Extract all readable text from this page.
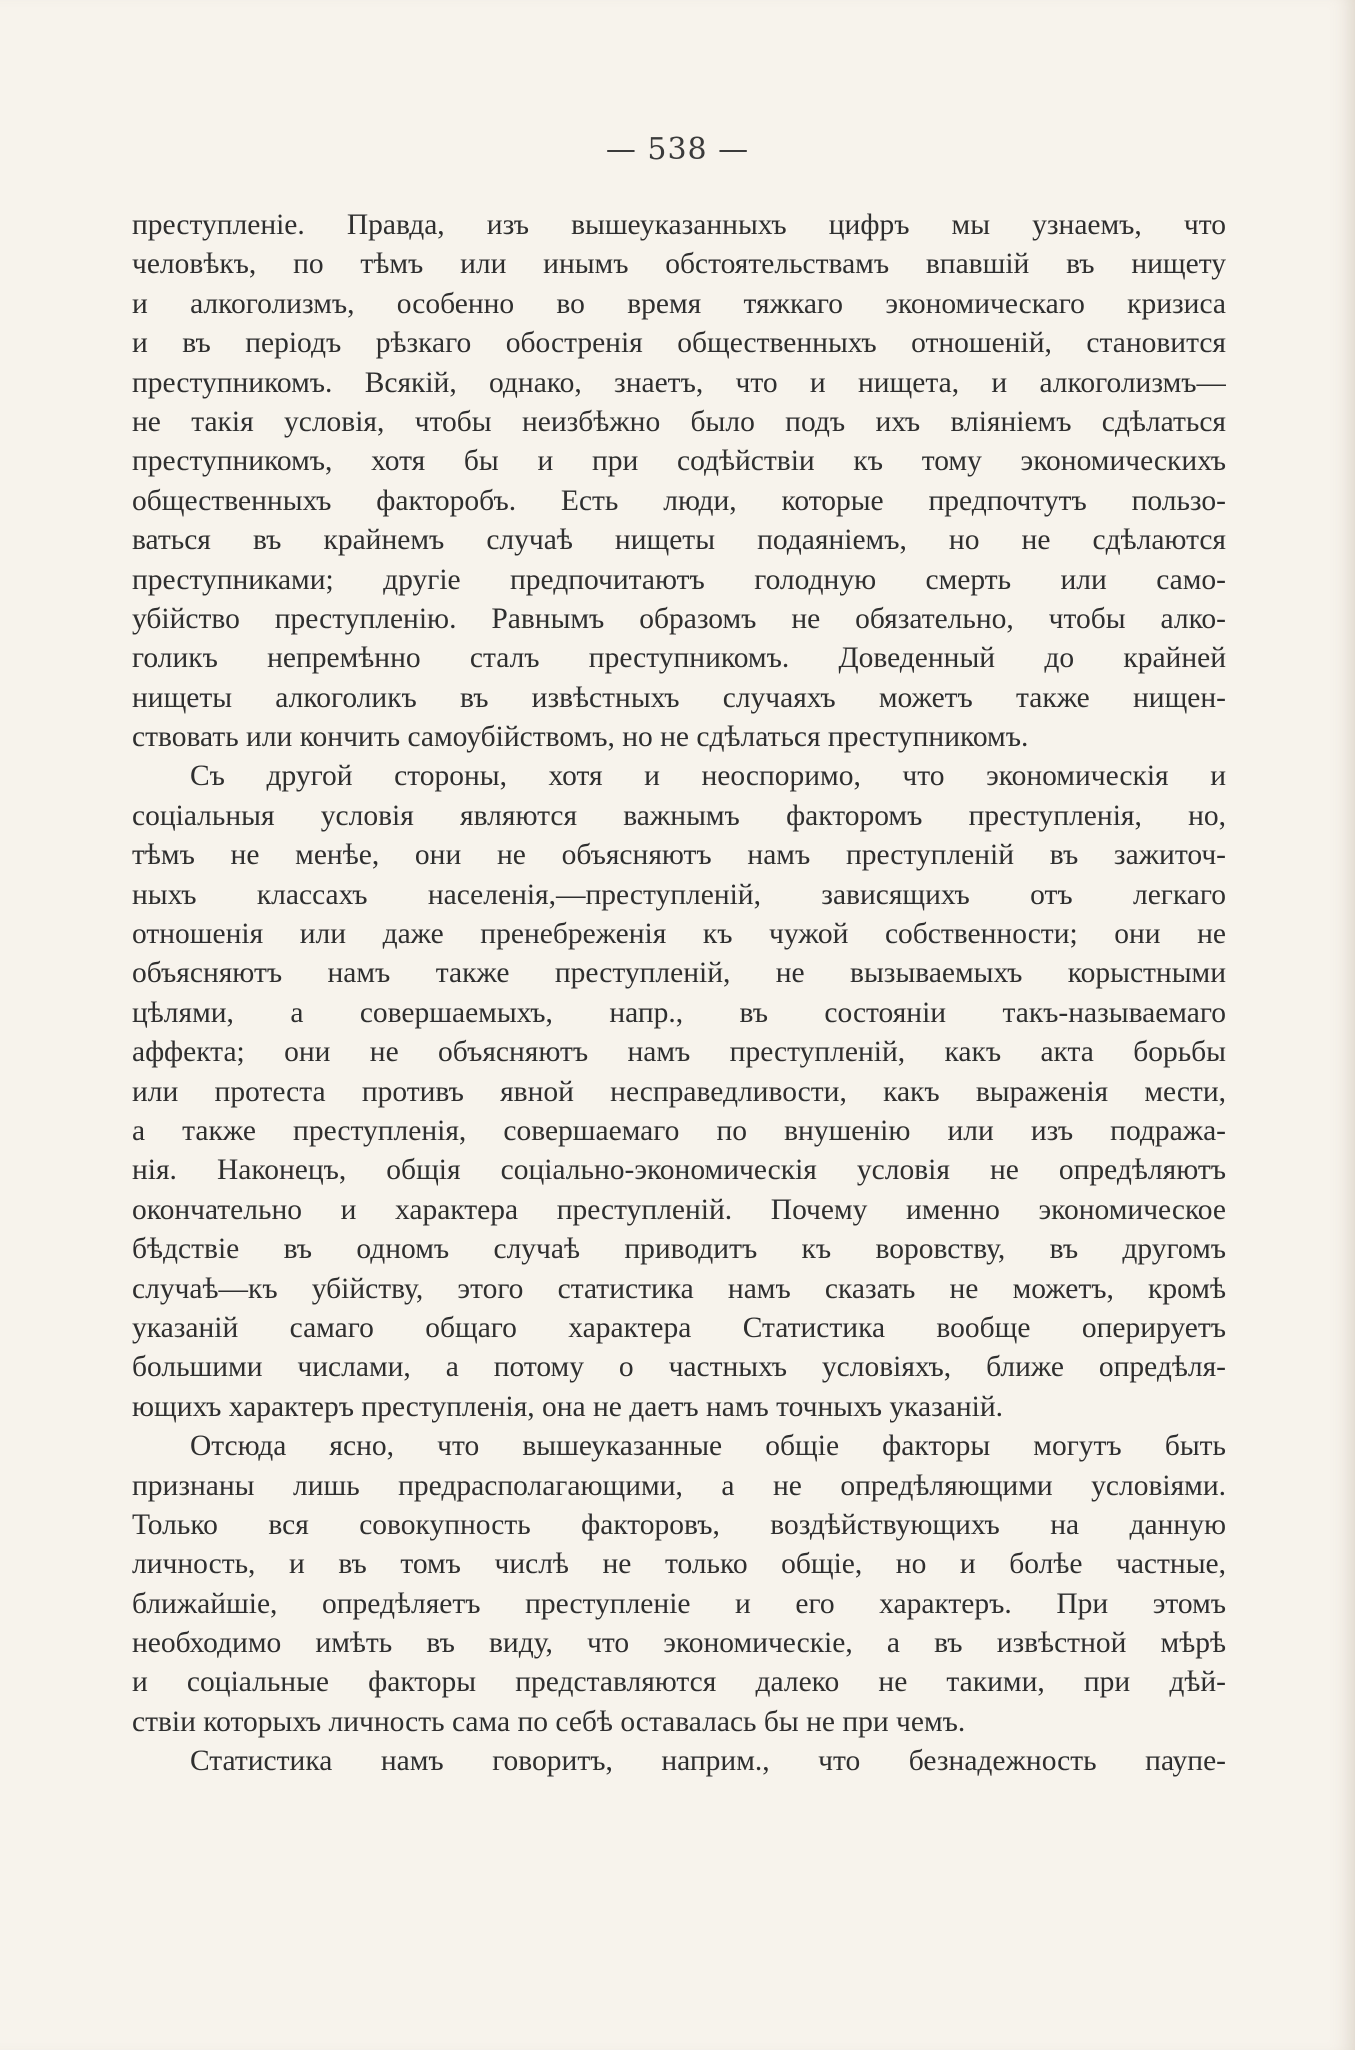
— 538 —
преступленіе. Правда, изъ вышеуказанныхъ цифръ мы узнаемъ, что
человѣкъ, по тѣмъ или инымъ обстоятельствамъ впавшій въ нищету
и алкоголизмъ, особенно во время тяжкаго экономическаго кризиса
и въ періодъ рѣзкаго обостренія общественныхъ отношеній, становится
преступникомъ. Всякій, однако, знаетъ, что и нищета, и алкоголизмъ—
не такія условія, чтобы неизбѣжно было подъ ихъ вліяніемъ сдѣлаться
преступникомъ, хотя бы и при содѣйствіи къ тому экономическихъ
общественныхъ факторобъ. Есть люди, которые предпочтутъ пользо-
ваться въ крайнемъ случаѣ нищеты подаяніемъ, но не сдѣлаются
преступниками; другіе предпочитаютъ голодную смерть или само-
убійство преступленію. Равнымъ образомъ не обязательно, чтобы алко-
голикъ непремѣнно сталъ преступникомъ. Доведенный до крайней
нищеты алкоголикъ въ извѣстныхъ случаяхъ можетъ также нищен-
ствовать или кончить самоубійствомъ, но не сдѣлаться преступникомъ.
Съ другой стороны, хотя и неоспоримо, что экономическія и
соціальныя условія являются важнымъ факторомъ преступленія, но,
тѣмъ не менѣе, они не объясняютъ намъ преступленій въ зажиточ-
ныхъ классахъ населенія,—преступленій, зависящихъ отъ легкаго
отношенія или даже пренебреженія къ чужой собственности; они не
объясняютъ намъ также преступленій, не вызываемыхъ корыстными
цѣлями, а совершаемыхъ, напр., въ состояніи такъ-называемаго
аффекта; они не объясняютъ намъ преступленій, какъ акта борьбы
или протеста противъ явной несправедливости, какъ выраженія мести,
а также преступленія, совершаемаго по внушенію или изъ подража-
нія. Наконецъ, общія соціально-экономическія условія не опредѣляютъ
окончательно и характера преступленій. Почему именно экономическое
бѣдствіе въ одномъ случаѣ приводитъ къ воровству, въ другомъ
случаѣ—къ убійству, этого статистика намъ сказать не можетъ, кромѣ
указаній самаго общаго характера Статистика вообще оперируетъ
большими числами, а потому о частныхъ условіяхъ, ближе опредѣля-
ющихъ характеръ преступленія, она не даетъ намъ точныхъ указаній.
Отсюда ясно, что вышеуказанные общіе факторы могутъ быть
признаны лишь предрасполагающими, а не опредѣляющими условіями.
Только вся совокупность факторовъ, воздѣйствующихъ на данную
личность, и въ томъ числѣ не только общіе, но и болѣе частные,
ближайшіе, опредѣляетъ преступленіе и его характеръ. При этомъ
необходимо имѣть въ виду, что экономическіе, а въ извѣстной мѣрѣ
и соціальные факторы представляются далеко не такими, при дѣй-
ствіи которыхъ личность сама по себѣ оставалась бы не при чемъ.
Статистика намъ говоритъ, наприм., что безнадежность паупе-
